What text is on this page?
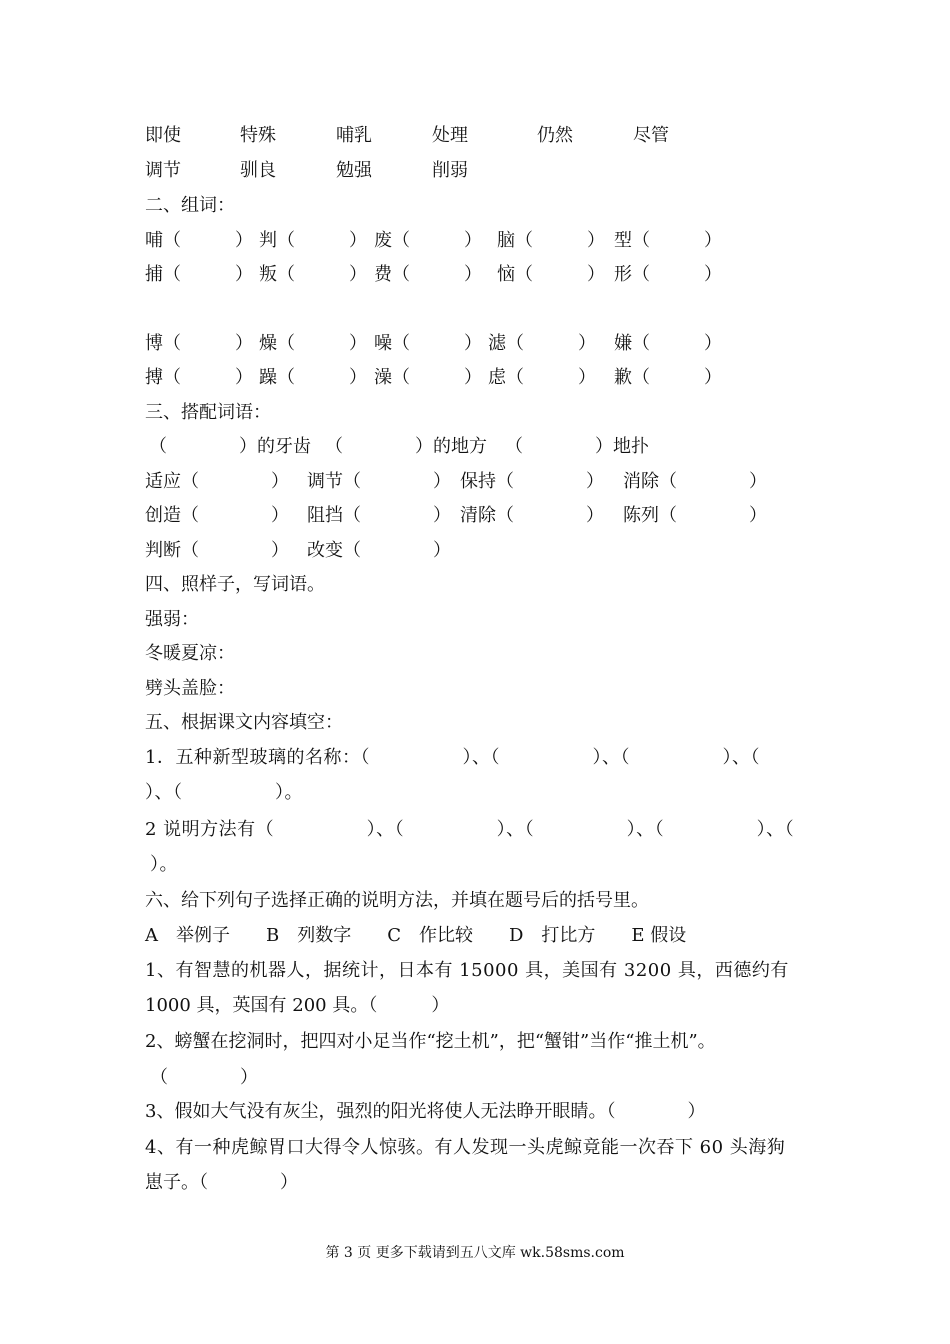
即使	特殊	哺乳	处理	仍然	尽管
调节	驯良	勉强	削弱
二、组词：
哺（　　　） 判（　　　） 废（　　　） 脑（　　　） 型（　　　）
捕（　　　） 叛（　　　） 费（　　　） 恼（　　　） 形（　　　）
博（　　　） 燥（　　　） 噪（　　　） 滤（　　　） 嫌（　　　）
搏（　　　） 躁（　　　） 澡（　　　） 虑（　　　） 歉（　　　）
三、搭配词语：
（　　　　）的牙齿 （　　　　）的地方 （　　　　）地扑
适应（　　　　） 调节（　　　　） 保持（　　　　） 消除（　　　　）
创造（　　　　） 阻挡（　　　　） 清除（　　　　） 陈列（　　　　）
判断（　　　　） 改变（　　　　）
四、照样子，写词语。
强弱：
冬暖夏凉：
劈头盖脸：
五、根据课文内容填空：
1．五种新型玻璃的名称：（　　　　　）、（　　　　　）、（　　　　　）、（
）、（　　　　　）。
2 说明方法有（　　　　　）、（　　　　　）、（　　　　　）、（　　　　　）、（
）。
六、给下列句子选择正确的说明方法，并填在题号后的括号里。
A　举例子　　B　列数字　　C　作比较　　D　打比方　　E 假设
1、有智慧的机器人，据统计，日本有 15000 具，美国有 3200 具，西德约有
1000 具，英国有 200 具。（　　　）
2、螃蟹在挖洞时，把四对小足当作“挖土机”，把“蟹钳”当作“推土机”。
（　　　　）
3、假如大气没有灰尘，强烈的阳光将使人无法睁开眼睛。（　　　　）
4、有一种虎鲸胃口大得令人惊骇。有人发现一头虎鲸竟能一次吞下 60 头海狗
崽子。（　　　　）
第 3 页 更多下载请到五八文库 wk.58sms.com
